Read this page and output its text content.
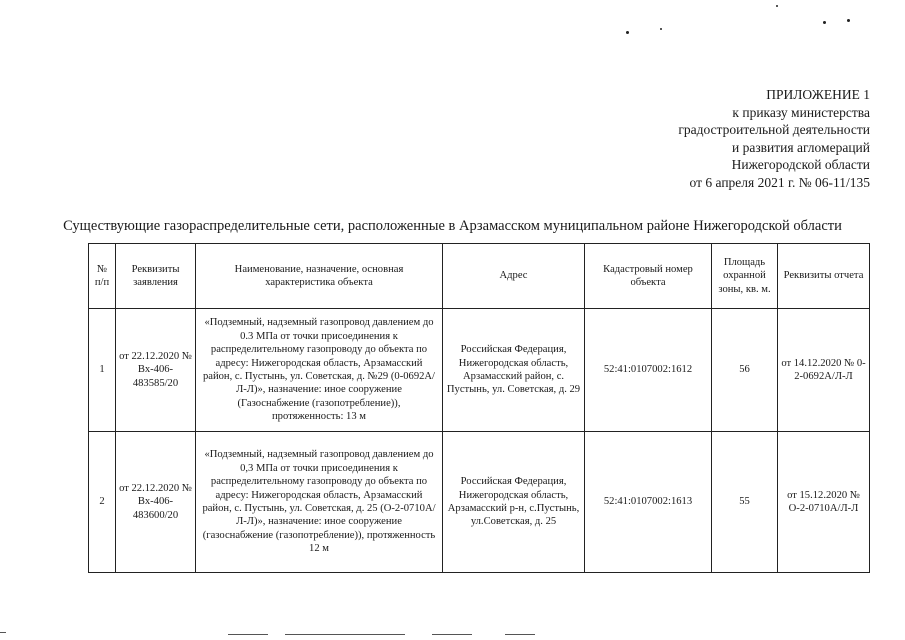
ПРИЛОЖЕНИЕ 1
к приказу министерства
градостроительной деятельности
и развития агломераций
Нижегородской области
от 6 апреля 2021 г. № 06-11/135
Существующие газораспределительные сети, расположенные в Арзамасском муниципальном районе Нижегородской области
№ п/п	Реквизиты заявления	Наименование, назначение, основная характеристика объекта	Адрес	Кадастровый номер объекта	Площадь охранной зоны, кв. м.	Реквизиты отчета
1	от 22.12.2020 № Вх-406-483585/20	«Подземный, надземный газопровод давлением до 0.3 МПа от точки присоединения к распределительному газопроводу до объекта по адресу: Нижегородская область, Арзамасский район, с. Пустынь, ул. Советская, д. №29 (0-0692А/Л-Л)», назначение: иное сооружение (Газоснабжение (газопотребление)), протяженность: 13 м	Российская Федерация, Нижегородская область, Арзамасский район, с. Пустынь, ул. Советская, д. 29	52:41:0107002:1612	56	от 14.12.2020 № 0-2-0692А/Л-Л
2	от 22.12.2020 № Вх-406-483600/20	«Подземный, надземный газопровод давлением до 0,3 МПа от точки присоединения к распределительному газопроводу до объекта по адресу: Нижегородская область, Арзамасский район, с. Пустынь, ул. Советская, д. 25 (О-2-0710А/Л-Л)», назначение: иное сооружение (газоснабжение (газопотребление)), протяженность 12 м	Российская Федерация, Нижегородская область, Арзамасский р-н, с.Пустынь, ул.Советская, д. 25	52:41:0107002:1613	55	от 15.12.2020 № О-2-0710А/Л-Л
